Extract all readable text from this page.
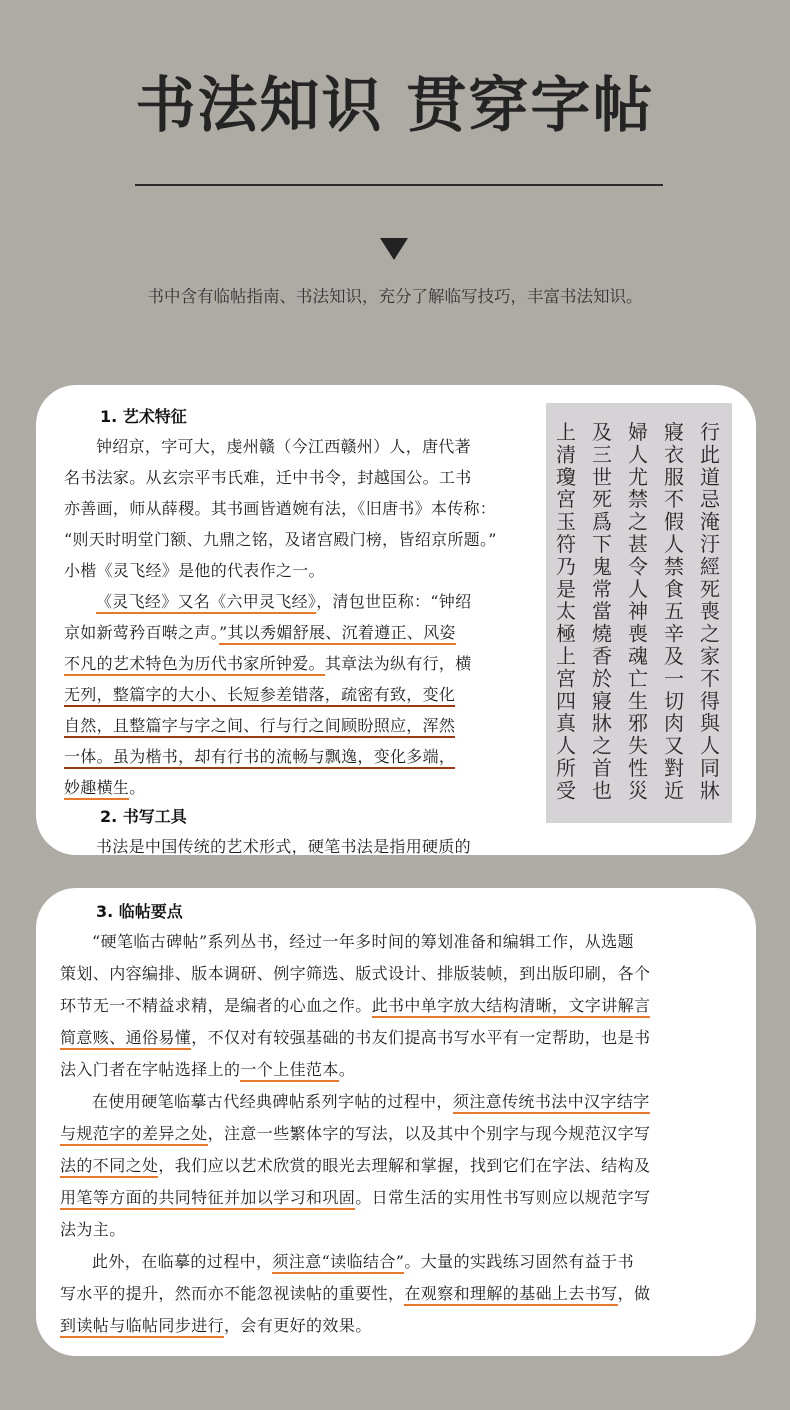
书法知识 贯穿字帖
书中含有临帖指南、书法知识，充分了解临写技巧，丰富书法知识。
1. 艺术特征
钟绍京，字可大，虔州赣（今江西赣州）人，唐代著
名书法家。从玄宗平韦氏难，迁中书令，封越国公。工书
亦善画，师从薛稷。其书画皆遒婉有法，《旧唐书》本传称：
“则天时明堂门额、九鼎之铭，及诸宫殿门榜，皆绍京所题。”
小楷《灵飞经》是他的代表作之一。
《灵飞经》又名《六甲灵飞经》，清包世臣称：“钟绍
京如新莺矜百啭之声。”其以秀媚舒展、沉着遵正、风姿
不凡的艺术特色为历代书家所钟爱。其章法为纵有行，横
无列，整篇字的大小、长短参差错落，疏密有致，变化
自然，且整篇字与字之间、行与行之间顾盼照应，浑然
一体。虽为楷书，却有行书的流畅与飘逸，变化多端，
妙趣横生。
2. 书写工具
书法是中国传统的艺术形式，硬笔书法是指用硬质的
行此道忌淹汙經死喪之家不得與人同牀
寢衣服不假人禁食五辛及一切肉又對近
婦人尤禁之甚令人神喪魂亡生邪失性災
及三世死爲下鬼常當燒香於寢牀之首也
上清瓊宮玉符乃是太極上宮四真人所受
3. 临帖要点
“硬笔临古碑帖”系列丛书，经过一年多时间的筹划准备和编辑工作，从选题
策划、内容编排、版本调研、例字筛选、版式设计、排版装帧，到出版印刷，各个
环节无一不精益求精，是编者的心血之作。此书中单字放大结构清晰，文字讲解言
简意赅、通俗易懂，不仅对有较强基础的书友们提高书写水平有一定帮助，也是书
法入门者在字帖选择上的一个上佳范本。
在使用硬笔临摹古代经典碑帖系列字帖的过程中，须注意传统书法中汉字结字
与规范字的差异之处，注意一些繁体字的写法，以及其中个别字与现今规范汉字写
法的不同之处，我们应以艺术欣赏的眼光去理解和掌握，找到它们在字法、结构及
用笔等方面的共同特征并加以学习和巩固。日常生活的实用性书写则应以规范字写
法为主。
此外，在临摹的过程中，须注意“读临结合”。大量的实践练习固然有益于书
写水平的提升，然而亦不能忽视读帖的重要性，在观察和理解的基础上去书写，做
到读帖与临帖同步进行，会有更好的效果。
